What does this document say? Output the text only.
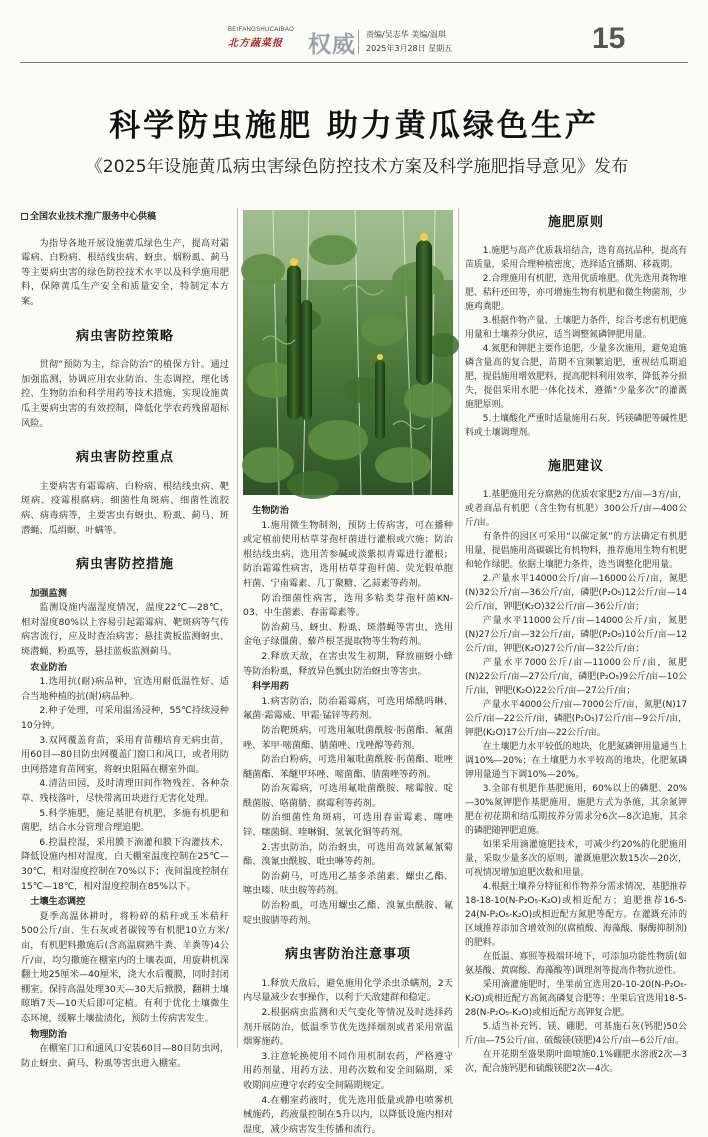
BEIFANGSHUCAIBAO
北方蔬菜报 权威 责编/吴志华 美编/温琪
2025年3月28日 星期五	15
科学防虫施肥 助力黄瓜绿色生产
《2025年设施黄瓜病虫害绿色防控技术方案及科学施肥指导意见》发布
全国农业技术推广服务中心供稿

为指导各地开展设施黄瓜绿色生产，提高对霜霉病、白粉病、根结线虫病、蚜虫、烟粉虱、蓟马等主要病虫害的绿色防控技术水平以及科学施用肥料，保障黄瓜生产安全和质量安全，特制定本方案。

病虫害防控策略

贯彻“预防为主，综合防治”的植保方针。通过加强监测，协调应用农业防治、生态调控、理化诱控、生物防治和科学用药等技术措施，实现设施黄瓜主要病虫害的有效控制，降低化学农药残留超标风险。

病虫害防控重点

主要病害有霜霉病、白粉病、根结线虫病、靶斑病、疫霉根腐病、细菌性角斑病、细菌性流胶病、病毒病等，主要害虫有蚜虫、粉虱、蓟马、斑潜蝇、瓜绢螟、叶螨等。

病虫害防控措施
加强监测

监测设施内温湿度情况，温度22℃—28℃，相对湿度80%以上容易引起霜霉病、靶斑病等气传病害流行，应及时查治病害；悬挂黄板监测蚜虫、斑潜蝇、粉虱等，悬挂蓝板监测蓟马。

农业防治

1.选用抗(耐)病品种，宜选用耐低温性好、适合当地种植的抗(耐)病品种。

2.种子处理，可采用温汤浸种，55℃持续浸种10分钟。

3.双网覆盖育苗，采用育苗棚培育无病虫苗，用60目—80目防虫网覆盖门窗口和风口，或者用防虫网搭建育苗网室，将蚜虫阻隔在棚室外面。

4.清洁田园，及时清理田间作物残茬、各种杂草、残枝落叶，尽快带离田块进行无害化处理。

5.科学施肥，施足基肥有机肥，多施有机肥和菌肥，结合水分管理合理追肥。

6.控温控湿，采用膜下滴灌和膜下沟灌技术，降低设施内相对湿度，白天棚室温度控制在25℃—30℃，相对湿度控制在70%以下；夜间温度控制在15℃—18℃，相对湿度控制在85%以下。

土壤生态调控

夏季高温休耕时，将粉碎的秸秆或玉米秸秆500公斤/亩、生石灰或者碳铵等有机肥10立方米/亩，有机肥料撒施后(含高温腐熟牛粪、羊粪等)4公斤/亩，均匀撒施在棚室内的土壤表面，用旋耕机深翻土地25厘米—40厘米，浇大水后覆膜，同时封闭棚室。保持高温处理30天—30天后掀膜，翻耕土壤晾晒7天—10天后即可定植。有利于优化土壤微生态环境，缓解土壤盐渍化，预防土传病害发生。

物理防治

在棚室门口和通风口安装60目—80目防虫网，防止蚜虫、蓟马、粉虱等害虫进入棚室。

生物防治

1.施用微生物制剂，预防土传病害，可在播种或定植前使用枯草芽孢杆菌进行灌根或穴施；防治根结线虫病，选用苦参碱或淡紫拟青霉进行灌根；防治霜霉性病害，选用枯草芽孢杆菌、荧光假单胞杆菌、宁南霉素、几丁聚糖、乙蒜素等药剂。

防治细菌性病害，选用多粘类芽孢杆菌KN-03、中生菌素、春雷霉素等。

防治蓟马、蚜虫、粉虱、斑潜蝇等害虫，选用金龟子绿僵菌、藜芦根茎提取物等生物药剂。

2.释放天敌，在害虫发生初期，释放丽蚜小蜂等防治粉虱，释放异色瓢虫防治蚜虫等害虫。

科学用药

1.病害防治，防治霜霉病，可选用烯酰吗啉、氟菌·霜霉威、甲霜·锰锌等药剂。

防治靶斑病，可选用氟吡菌酰胺·肟菌酯、氟菌唑、苯甲·嘧菌酯、腈菌唑、戊唑醇等药剂。

防治白粉病，可选用氟吡菌酰胺·肟菌酯、吡唑醚菌酯、苯醚甲环唑、嘧菌酯、腈菌唑等药剂。

防治灰霉病，可选用氟吡菌酰胺、嘧霉胺、啶酰菌胺、咯菌腈、腐霉利等药剂。

防治细菌性角斑病，可选用春雷霉素、噻唑锌、噻菌铜、喹啉铜、氢氧化铜等药剂。

2.害虫防治，防治蚜虫，可选用高效氯氟氰菊酯、溴氰虫酰胺、吡虫啉等药剂。

防治蓟马，可选用乙基多杀菌素、螺虫乙酯、噻虫嗪、呋虫胺等药剂。

防治粉虱，可选用螺虫乙酯、溴氰虫酰胺、氟啶虫胺腈等药剂。

病虫害防治注意事项

1.释放天敌后，避免施用化学杀虫杀螨剂，2天内尽量减少农事操作，以利于天敌建群和稳定。

2.根据病虫监测和天气变化等情况及时选择药剂开展防治，低温季节优先选择烟剂或者采用常温烟雾施药。

3.注意轮换使用不同作用机制农药，严格遵守用药剂量、用药方法、用药次数和安全间隔期，采收期间应遵守农药安全间隔期规定。

4.在棚室药液时，优先选用低量或静电喷雾机械施药，药液量控制在5升以内，以降低设施内相对湿度，减少病害发生传播和流行。

施肥原则

1.施肥与高产优质栽培结合，选育高抗品种，提高有苗质量，采用合理种植密度，选择适宜播期、移栽期。

2.合理施用有机肥，选用优质堆肥。优先选用粪物堆肥、秸秆还田等，亦可增施生物有机肥和微生物菌剂，少施鸡粪肥。

3.根据作物产量、土壤肥力条件，综合考虑有机肥施用量和土壤养分供应，适当调整氮磷钾肥用量。

4.氮肥和钾肥主要作追肥，少量多次施用，避免追施磷含量高的复合肥，苗期不宜频繁追肥，重视结瓜期追肥，提倡施用增效肥料，提高肥料利用效率，降低养分损失，提倡采用水肥一体化技术，遵循“少量多次”的灌溉施肥原则。

5.土壤酸化严重时适量施用石灰、钙镁磷肥等碱性肥料或土壤调理剂。

施肥建议

1.基肥施用充分腐熟的优质农家肥2方/亩—3方/亩，或者商品有机肥（含生物有机肥）300公斤/亩—400公斤/亩。

有条件的园区可采用“以碳定氮”的方法确定有机肥用量，提倡施用高碳碳比有机物料，推荐施用生物有机肥和轮作绿肥。依据土壤肥力条件，选当调整化肥用量。

2.产量水平14000公斤/亩—16000公斤/亩，氮肥(N)32公斤/亩—36公斤/亩，磷肥(P₂O₅)12公斤/亩—14公斤/亩，钾肥(K₂O)32公斤/亩—36公斤/亩；

产量水平11000公斤/亩—14000公斤/亩，氮肥(N)27公斤/亩—32公斤/亩，磷肥(P₂O₅)10公斤/亩—12公斤/亩，钾肥(K₂O)27公斤/亩—32公斤/亩；

产量水平7000公斤/亩—11000公斤/亩，氮肥(N)22公斤/亩—27公斤/亩，磷肥(P₂O₅)9公斤/亩—10公斤/亩，钾肥(K₂O)22公斤/亩—27公斤/亩；

产量水平4000公斤/亩—7000公斤/亩，氮肥(N)17公斤/亩—22公斤/亩，磷肥(P₂O₅)7公斤/亩—9公斤/亩，钾肥(K₂O)17公斤/亩—22公斤/亩。

在土壤肥力水平较低的地块，化肥氮磷钾用量通当上调10%—20%；在土壤肥力水平较高的地块，化肥氮磷钾用量通当下调10%—20%。

3.全部有机肥作基肥施用，60%以上的磷肥、20%—30%氮钾肥作基肥施用，施肥方式为条施，其余氮钾肥在初花期和结瓜期按养分需求分6次—8次追施，其余的磷肥随钾肥追施。

如果采用滴灌施肥技术，可减少约20%的化肥施用量，采取少量多次的原则，灌溉施肥次数15次—20次，可视情况增加追肥次数和用量。

4.根据土壤养分特征和作物养分需求情况，基肥推荐18-18-10(N-P₂O₅-K₂O)或相近配方；追肥推荐16-5-24(N-P₂O₅-K₂O)或相近配方氮肥等配方。在灌溉充沛的区域推荐添加含增效剂的(腐植酸、海藻酸、脲酶抑制剂)的肥料。

在低温、寡照等极端环境下，可添加功能性物质(如氨基酸、黄腐酸、海藻酸等)调理剂等提高作物抗逆性。

采用滴灌施肥时，坐果前宜选用20-10-20(N-P₂O₅-K₂O)或相近配方高氮高磷复合肥等；坐果后宜选用18-5-28(N-P₂O₅-K₂O)或相近配方高钾复合肥。

5.适当补充钙、镁、硼肥，可基施石灰(钙肥)50公斤/亩—75公斤/亩、硫酸镁(镁肥)4公斤/亩—6公斤/亩。

在开花期至盛果期叶面喷施0.1%硼肥水溶液2次—3次，配合施钙肥和硫酸镁肥2次—4次。
